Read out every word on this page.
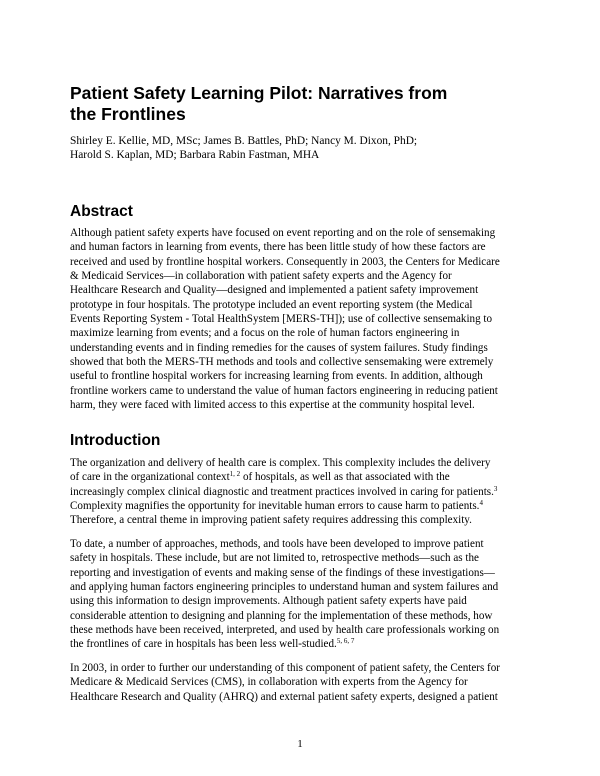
Patient Safety Learning Pilot: Narratives from
the Frontlines
Shirley E. Kellie, MD, MSc; James B. Battles, PhD; Nancy M. Dixon, PhD;
Harold S. Kaplan, MD; Barbara Rabin Fastman, MHA
Abstract
Although patient safety experts have focused on event reporting and on the role of sensemaking
and human factors in learning from events, there has been little study of how these factors are
received and used by frontline hospital workers. Consequently in 2003, the Centers for Medicare
& Medicaid Services—in collaboration with patient safety experts and the Agency for
Healthcare Research and Quality—designed and implemented a patient safety improvement
prototype in four hospitals. The prototype included an event reporting system (the Medical
Events Reporting System - Total HealthSystem [MERS-TH]); use of collective sensemaking to
maximize learning from events; and a focus on the role of human factors engineering in
understanding events and in finding remedies for the causes of system failures. Study findings
showed that both the MERS-TH methods and tools and collective sensemaking were extremely
useful to frontline hospital workers for increasing learning from events. In addition, although
frontline workers came to understand the value of human factors engineering in reducing patient
harm, they were faced with limited access to this expertise at the community hospital level.
Introduction
The organization and delivery of health care is complex. This complexity includes the delivery
of care in the organizational context$^{1, 2}$ of hospitals, as well as that associated with the
increasingly complex clinical diagnostic and treatment practices involved in caring for patients.$^3$
Complexity magnifies the opportunity for inevitable human errors to cause harm to patients.$^4$
Therefore, a central theme in improving patient safety requires addressing this complexity.
To date, a number of approaches, methods, and tools have been developed to improve patient
safety in hospitals. These include, but are not limited to, retrospective methods—such as the
reporting and investigation of events and making sense of the findings of these investigations—
and applying human factors engineering principles to understand human and system failures and
using this information to design improvements. Although patient safety experts have paid
considerable attention to designing and planning for the implementation of these methods, how
these methods have been received, interpreted, and used by health care professionals working on
the frontlines of care in hospitals has been less well-studied.$^{5, 6, 7}$
In 2003, in order to further our understanding of this component of patient safety, the Centers for
Medicare & Medicaid Services (CMS), in collaboration with experts from the Agency for
Healthcare Research and Quality (AHRQ) and external patient safety experts, designed a patient
1
